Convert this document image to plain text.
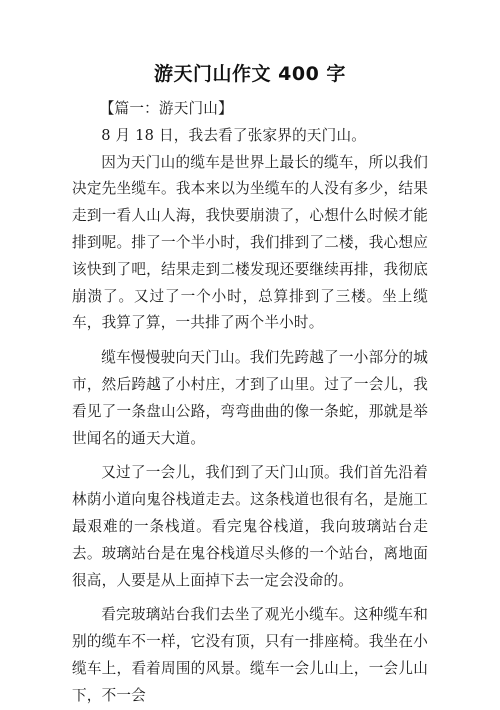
游天门山作文 400 字

【篇一：游天门山】

8 月 18 日，我去看了张家界的天门山。

因为天门山的缆车是世界上最长的缆车，所以我们决定先坐缆车。我本来以为坐缆车的人没有多少，结果走到一看人山人海，我快要崩溃了，心想什么时候才能排到呢。排了一个半小时，我们排到了二楼，我心想应该快到了吧，结果走到二楼发现还要继续再排，我彻底崩溃了。又过了一个小时，总算排到了三楼。坐上缆车，我算了算，一共排了两个半小时。

缆车慢慢驶向天门山。我们先跨越了一小部分的城市，然后跨越了小村庄，才到了山里。过了一会儿，我看见了一条盘山公路，弯弯曲曲的像一条蛇，那就是举世闻名的通天大道。

又过了一会儿，我们到了天门山顶。我们首先沿着林荫小道向鬼谷栈道走去。这条栈道也很有名，是施工最艰难的一条栈道。看完鬼谷栈道，我向玻璃站台走去。玻璃站台是在鬼谷栈道尽头修的一个站台，离地面很高，人要是从上面掉下去一定会没命的。

看完玻璃站台我们去坐了观光小缆车。这种缆车和别的缆车不一样，它没有顶，只有一排座椅。我坐在小缆车上，看着周围的风景。缆车一会儿山上，一会儿山下，不一会
